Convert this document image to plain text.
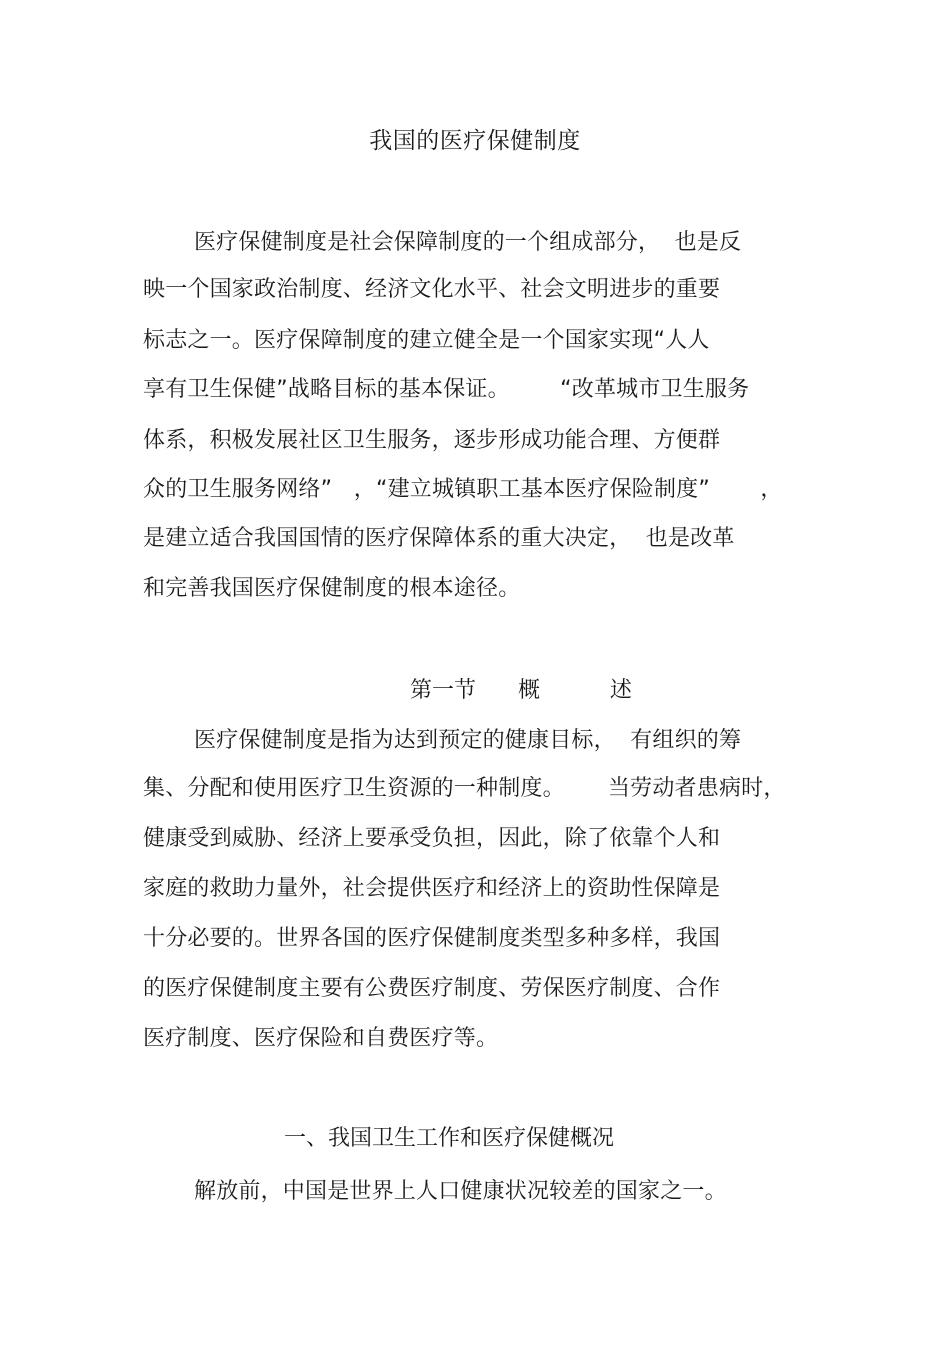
我国的医疗保健制度
医疗保健制度是社会保障制度的一个组成部分，  也是反
映一个国家政治制度、经济文化水平、社会文明进步的重要
标志之一。医疗保障制度的建立健全是一个国家实现“人人
享有卫生保健”战略目标的基本保证。       “改革城市卫生服务
体系，积极发展社区卫生服务，逐步形成功能合理、方便群
众的卫生服务网络”   ，“建立城镇职工基本医疗保险制度”       ，
是建立适合我国国情的医疗保障体系的重大决定，  也是改革
和完善我国医疗保健制度的根本途径。
第一节      概          述
医疗保健制度是指为达到预定的健康目标，  有组织的筹
集、分配和使用医疗卫生资源的一种制度。      当劳动者患病时，
健康受到威胁、经济上要承受负担，因此，除了依靠个人和
家庭的救助力量外，社会提供医疗和经济上的资助性保障是
十分必要的。世界各国的医疗保健制度类型多种多样，我国
的医疗保健制度主要有公费医疗制度、劳保医疗制度、合作
医疗制度、医疗保险和自费医疗等。
一、我国卫生工作和医疗保健概况
解放前，中国是世界上人口健康状况较差的国家之一。
